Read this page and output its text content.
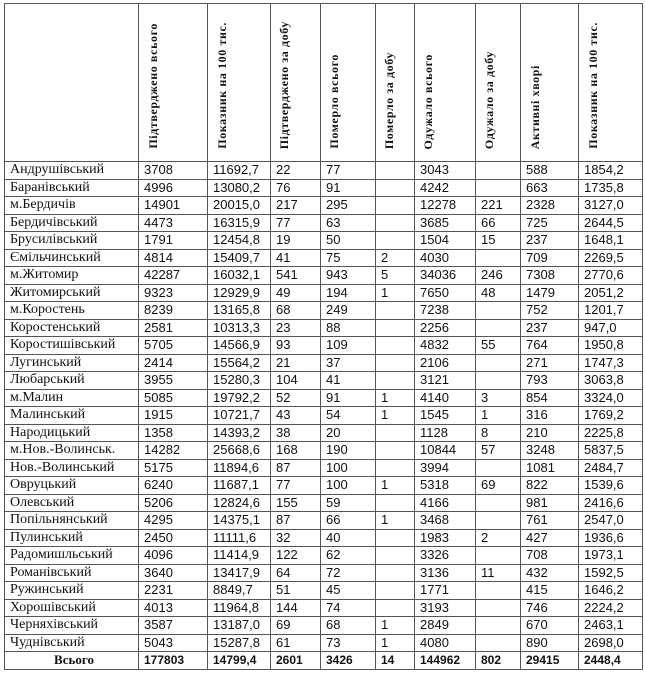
	Підтверджено всього	Показник на 100 тис.	Підтверджено за добу	Померло всього	Померло за добу	Одужало всього	Одужало за добу	Активні хворі	Показник на 100 тис.
Андрушівський	3708	11692,7	22	77		3043		588	1854,2
Баранівський	4996	13080,2	76	91		4242		663	1735,8
м.Бердичів	14901	20015,0	217	295		12278	221	2328	3127,0
Бердичівський	4473	16315,9	77	63		3685	66	725	2644,5
Брусилівський	1791	12454,8	19	50		1504	15	237	1648,1
Ємільчинський	4814	15409,7	41	75	2	4030		709	2269,5
м.Житомир	42287	16032,1	541	943	5	34036	246	7308	2770,6
Житомирський	9323	12929,9	49	194	1	7650	48	1479	2051,2
м.Коростень	8239	13165,8	68	249		7238		752	1201,7
Коростенський	2581	10313,3	23	88		2256		237	947,0
Коростишівський	5705	14566,9	93	109		4832	55	764	1950,8
Лугинський	2414	15564,2	21	37		2106		271	1747,3
Любарський	3955	15280,3	104	41		3121		793	3063,8
м.Малин	5085	19792,2	52	91	1	4140	3	854	3324,0
Малинський	1915	10721,7	43	54	1	1545	1	316	1769,2
Народицький	1358	14393,2	38	20		1128	8	210	2225,8
м.Нов.-Волинськ.	14282	25668,6	168	190		10844	57	3248	5837,5
Нов.-Волинський	5175	11894,6	87	100		3994		1081	2484,7
Овруцький	6240	11687,1	77	100	1	5318	69	822	1539,6
Олевський	5206	12824,6	155	59		4166		981	2416,6
Попільнянський	4295	14375,1	87	66	1	3468		761	2547,0
Пулинський	2450	11111,6	32	40		1983	2	427	1936,6
Радомишльський	4096	11414,9	122	62		3326		708	1973,1
Романівський	3640	13417,9	64	72		3136	11	432	1592,5
Ружинський	2231	8849,7	51	45		1771		415	1646,2
Хорошівський	4013	11964,8	144	74		3193		746	2224,2
Черняхівський	3587	13187,0	69	68	1	2849		670	2463,1
Чуднівський	5043	15287,8	61	73	1	4080		890	2698,0
Всього	177803	14799,4	2601	3426	14	144962	802	29415	2448,4
